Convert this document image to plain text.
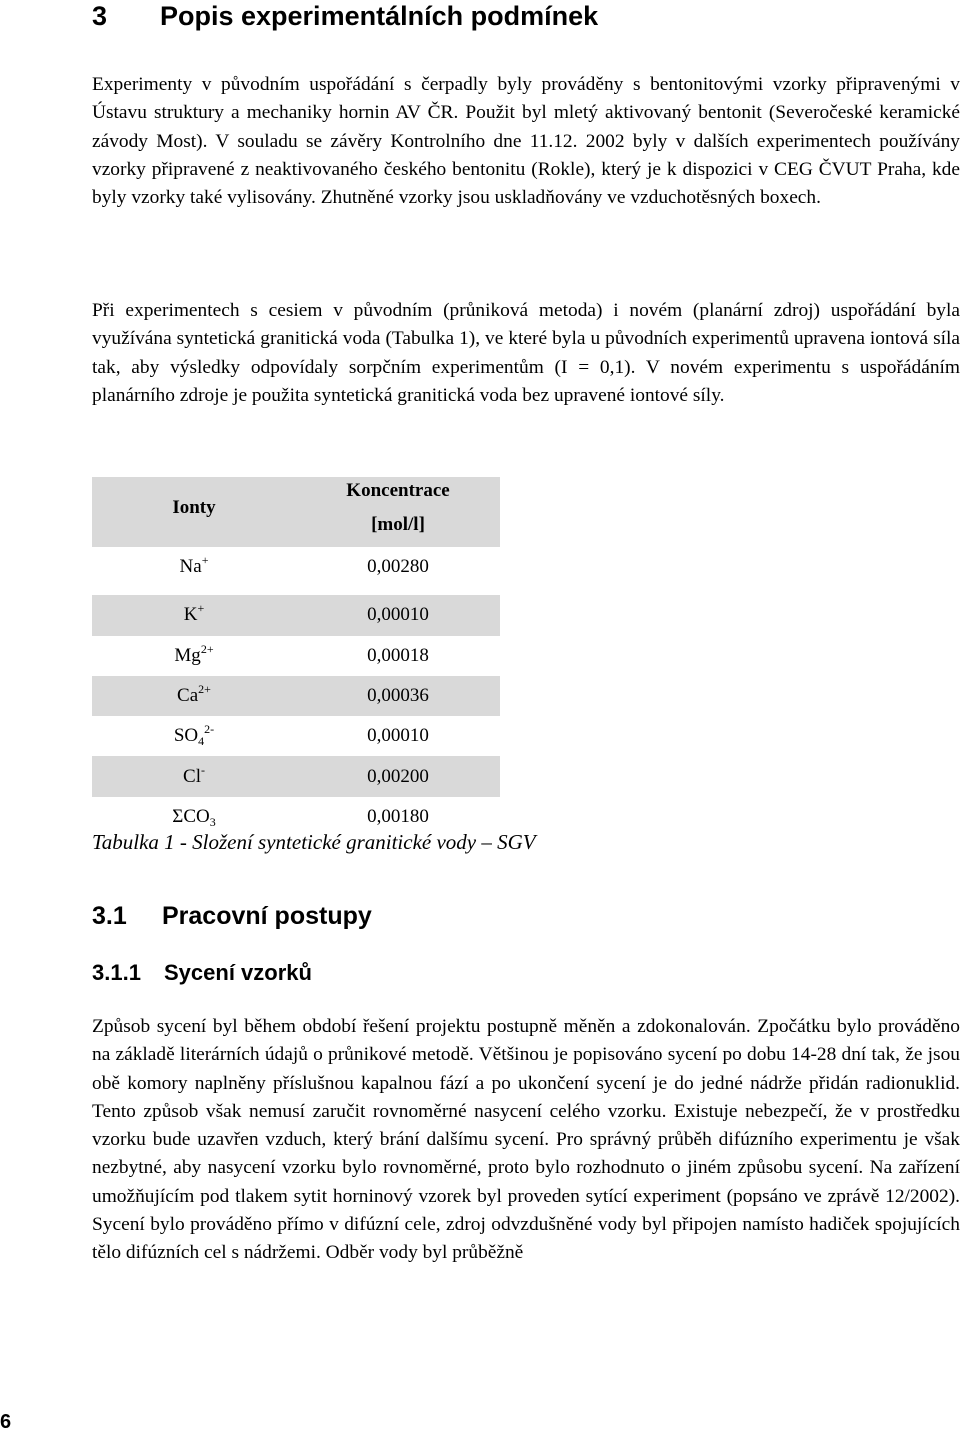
3 Popis experimentálních podmínek

Experimenty v původním uspořádání s čerpadly byly prováděny s bentonitovými vzorky připravenými v Ústavu struktury a mechaniky hornin AV ČR. Použit byl mletý aktivovaný bentonit (Severočeské keramické závody Most). V souladu se závěry Kontrolního dne 11.12. 2002 byly v dalších experimentech používány vzorky připravené z neaktivovaného českého bentonitu (Rokle), který je k dispozici v CEG ČVUT Praha, kde byly vzorky také vylisovány. Zhutněné vzorky jsou uskladňovány ve vzduchotěsných boxech.

Při experimentech s cesiem v původním (průniková metoda) i novém (planární zdroj) uspořádání byla využívána syntetická granitická voda (Tabulka 1), ve které byla u původních experimentů upravena iontová síla tak, aby výsledky odpovídaly sorpčním experimentům (I = 0,1). V novém experimentu s uspořádáním planárního zdroje je použita syntetická granitická voda bez upravené iontové síly.

Ionty	Koncentrace
[mol/l]

Na+	0,00280

K+	0,00010
$Mg^{2+}$	0,00018
$Ca^{2+}$	0,00036
$SO_4^{2-}$	0,00010
Cl-	0,00200
$\Sigma CO_3$	0,00180

Tabulka 1 - Složení syntetické granitické vody – SGV

3.1 Pracovní postupy
3.1.1 Sycení vzorků

Způsob sycení byl během období řešení projektu postupně měněn a zdokonalován. Zpočátku bylo prováděno na základě literárních údajů o průnikové metodě. Většinou je popisováno sycení po dobu 14-28 dní tak, že jsou obě komory naplněny příslušnou kapalnou fází a po ukončení sycení je do jedné nádrže přidán radionuklid. Tento způsob však nemusí zaručit rovnoměrné nasycení celého vzorku. Existuje nebezpečí, že v prostředku vzorku bude uzavřen vzduch, který brání dalšímu sycení. Pro správný průběh difúzního experimentu je však nezbytné, aby nasycení vzorku bylo rovnoměrné, proto bylo rozhodnuto o jiném způsobu sycení. Na zařízení umožňujícím pod tlakem sytit horninový vzorek byl proveden sytící experiment (popsáno ve zprávě 12/2002). Sycení bylo prováděno přímo v difúzní cele, zdroj odvzdušněné vody byl připojen namísto hadiček spojujících tělo difúzních cel s nádržemi. Odběr vody byl průběžně

6
